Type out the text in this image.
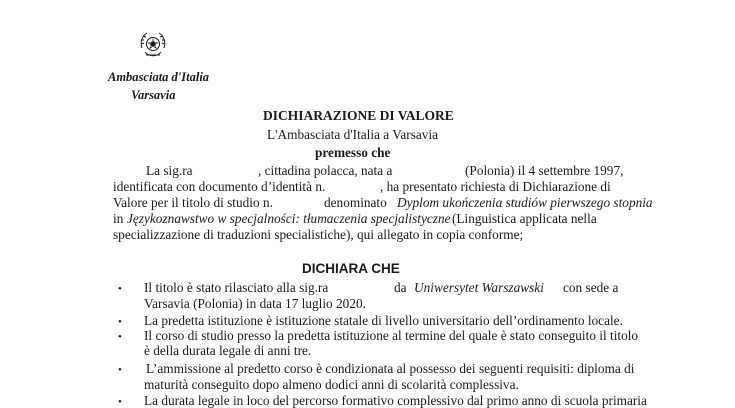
Ambasciata d'Italia
Varsavia
DICHIARAZIONE DI VALORE
L'Ambasciata d'Italia a Varsavia
premesso che
La sig.ra	, cittadina polacca, nata a	(Polonia) il 4 settembre 1997,
identificata con documento d’identità n.	, ha presentato richiesta di Dichiarazione di
Valore per il titolo di studio n.	denominato Dyplom ukończenia studiów pierwszego stopnia
in Językoznawstwo w specjalności: tłumaczenia specjalistyczne (Linguistica applicata nella
specializzazione di traduzioni specialistiche), qui allegato in copia conforme;
DICHIARA CHE
• Il titolo è stato rilasciato alla sig.ra	da Uniwersytet Warszawski con sede a
Varsavia (Polonia) in data 17 luglio 2020.
• La predetta istituzione è istituzione statale di livello universitario dell’ordinamento locale.
• Il corso di studio presso la predetta istituzione al termine del quale è stato conseguito il titolo
è della durata legale di anni tre.
• L’ammissione al predetto corso è condizionata al possesso dei seguenti requisiti: diploma di
maturità conseguito dopo almeno dodici anni di scolarità complessiva.
• La durata legale in loco del percorso formativo complessivo dal primo anno di scuola primaria
